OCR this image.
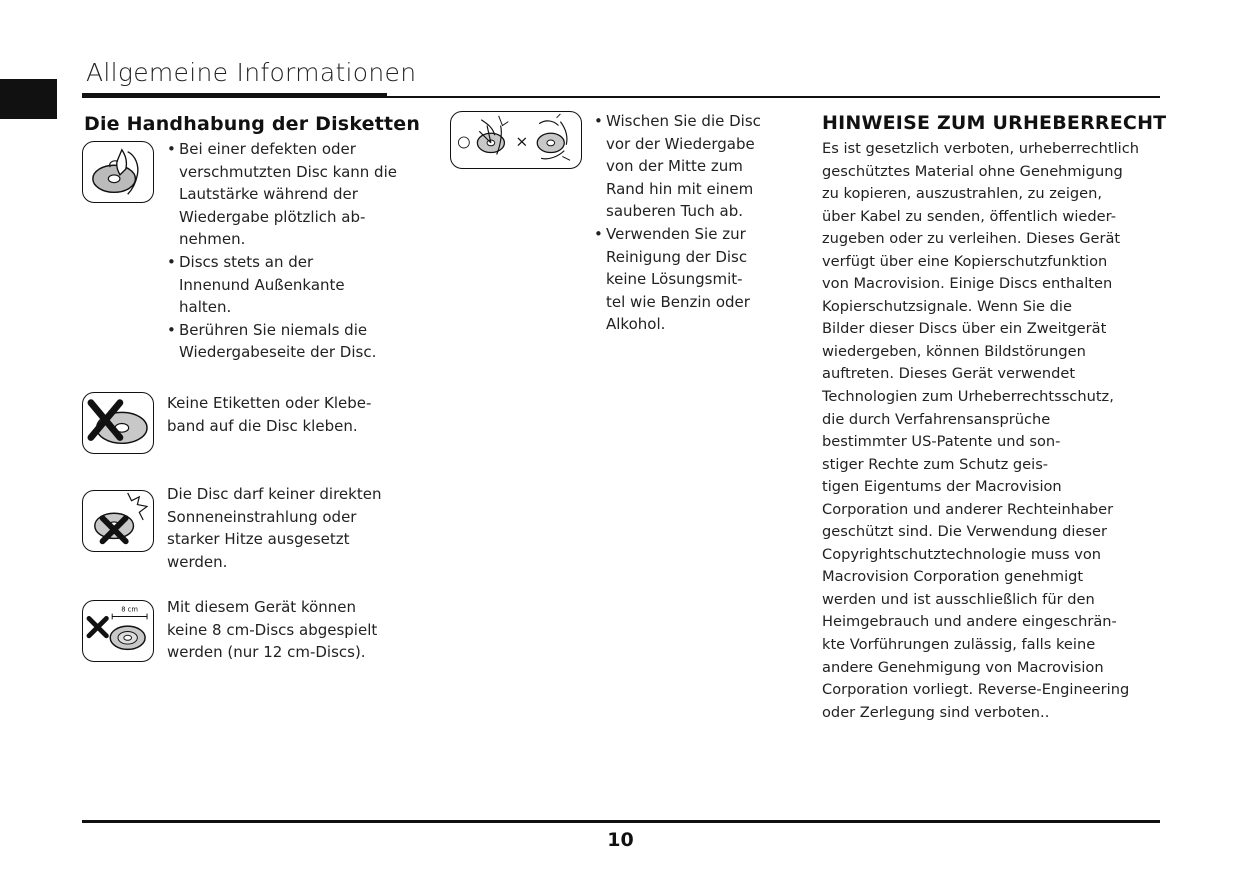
Allgemeine Informationen
Die Handhabung der Disketten
• Bei einer defekten oder
verschmutzten Disc kann die
Lautstärke während der
Wiedergabe plötzlich ab-
nehmen.
• Discs stets an der
Innenund Außenkante
halten.
• Berühren Sie niemals die
Wiedergabeseite der Disc.

Keine Etiketten oder Klebe-
band auf die Disc kleben.

Die Disc darf keiner direkten
Sonneneinstrahlung oder
starker Hitze ausgesetzt
werden.

8 cm Mit diesem Gerät können
keine 8 cm-Discs abgespielt
werden (nur 12 cm-Discs).

○	×
• Wischen Sie die Disc
vor der Wiedergabe
von der Mitte zum
Rand hin mit einem
sauberen Tuch ab.
• Verwenden Sie zur
Reinigung der Disc
keine Lösungsmit-
tel wie Benzin oder
Alkohol.
HINWEISE ZUM URHEBERRECHT

Es ist gesetzlich verboten, urheberrechtlich
geschütztes Material ohne Genehmigung
zu kopieren, auszustrahlen, zu zeigen,
über Kabel zu senden, öffentlich wieder-
zugeben oder zu verleihen. Dieses Gerät
verfügt über eine Kopierschutzfunktion
von Macrovision. Einige Discs enthalten
Kopierschutzsignale. Wenn Sie die
Bilder dieser Discs über ein Zweitgerät
wiedergeben, können Bildstörungen
auftreten. Dieses Gerät verwendet
Technologien zum Urheberrechtsschutz,
die durch Verfahrensansprüche
bestimmter US-Patente und son-
stiger Rechte zum Schutz geis-
tigen Eigentums der Macrovision
Corporation und anderer Rechteinhaber
geschützt sind. Die Verwendung dieser
Copyrightschutztechnologie muss von
Macrovision Corporation genehmigt
werden und ist ausschließlich für den
Heimgebrauch und andere eingeschrän-
kte Vorführungen zulässig, falls keine
andere Genehmigung von Macrovision
Corporation vorliegt. Reverse-Engineering
oder Zerlegung sind verboten..

10
